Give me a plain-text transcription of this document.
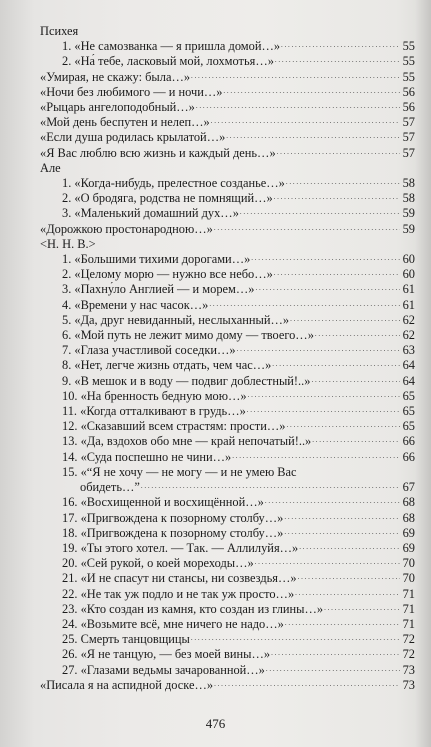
Психея
1. «Не самозванка — я пришла домой…» . . .	55
2. «На́ тебе, ласковый мой, лохмотья…» . . .	55
«Умирая, не скажу: была…» . . .	55
«Ночи без любимого — и ночи…» . . .	56
«Рыцарь ангелоподобный…» . . .	56
«Мой день беспутен и нелеп…» . . .	57
«Если душа родилась крылатой…» . . .	57
«Я Вас люблю всю жизнь и каждый день…» . . .	57
Але
1. «Когда-нибудь, прелестное созданье…» . . .	58
2. «О бродяга, родства не помнящий…» . . .	58
3. «Маленький домашний дух…» . . .	59
«Дорожкою простонародною…» . . .	59
<Н. Н. В.>
1. «Большими тихими дорогами…» . . .	60
2. «Целому морю — нужно все небо…» . . .	60
3. «Пахну́ло Англией — и морем…» . . .	61
4. «Времени у нас часок…» . . .	61
5. «Да, друг невиданный, неслыханный…» . . .	62
6. «Мой путь не лежит мимо дому — твоего…» . . .	62
7. «Глаза участливой соседки…» . . .	63
8. «Нет, легче жизнь отдать, чем час…» . . .	64
9. «В мешок и в воду — подвиг доблестный!..» . . .	64
10. «На бренность бедную мою…» . . .	65
11. «Когда отталкивают в грудь…» . . .	65
12. «Сказавший всем страстям: прости…» . . .	65
13. «Да, вздохов обо мне — край непочатый!..» . . .	66
14. «Суда поспешно не чини…» . . .	66
15. «“Я не хочу — не могу — и не умею Вас
обидеть…” . . .	67
16. «Восхищенной и восхищённой…» . . .	68
17. «Пригвождена к позорному столбу…» . . .	68
18. «Пригвождена к позорному столбу…» . . .	69
19. «Ты этого хотел. — Так. — Аллилуйя…» . . .	69
20. «Сей рукой, о коей мореходы…» . . .	70
21. «И не спасут ни стансы, ни созвездья…» . . .	70
22. «Не так уж подло и не так уж просто…» . . .	71
23. «Кто создан из камня, кто создан из глины…» . . .	71
24. «Возьмите всё, мне ничего не надо…» . . .	71
25. Смерть танцовщицы . . .	72
26. «Я не танцую, — без моей вины…» . . .	72
27. «Глазами ведьмы зачарованной…» . . .	73
«Писала я на аспидной доске…» . . .	73
476
